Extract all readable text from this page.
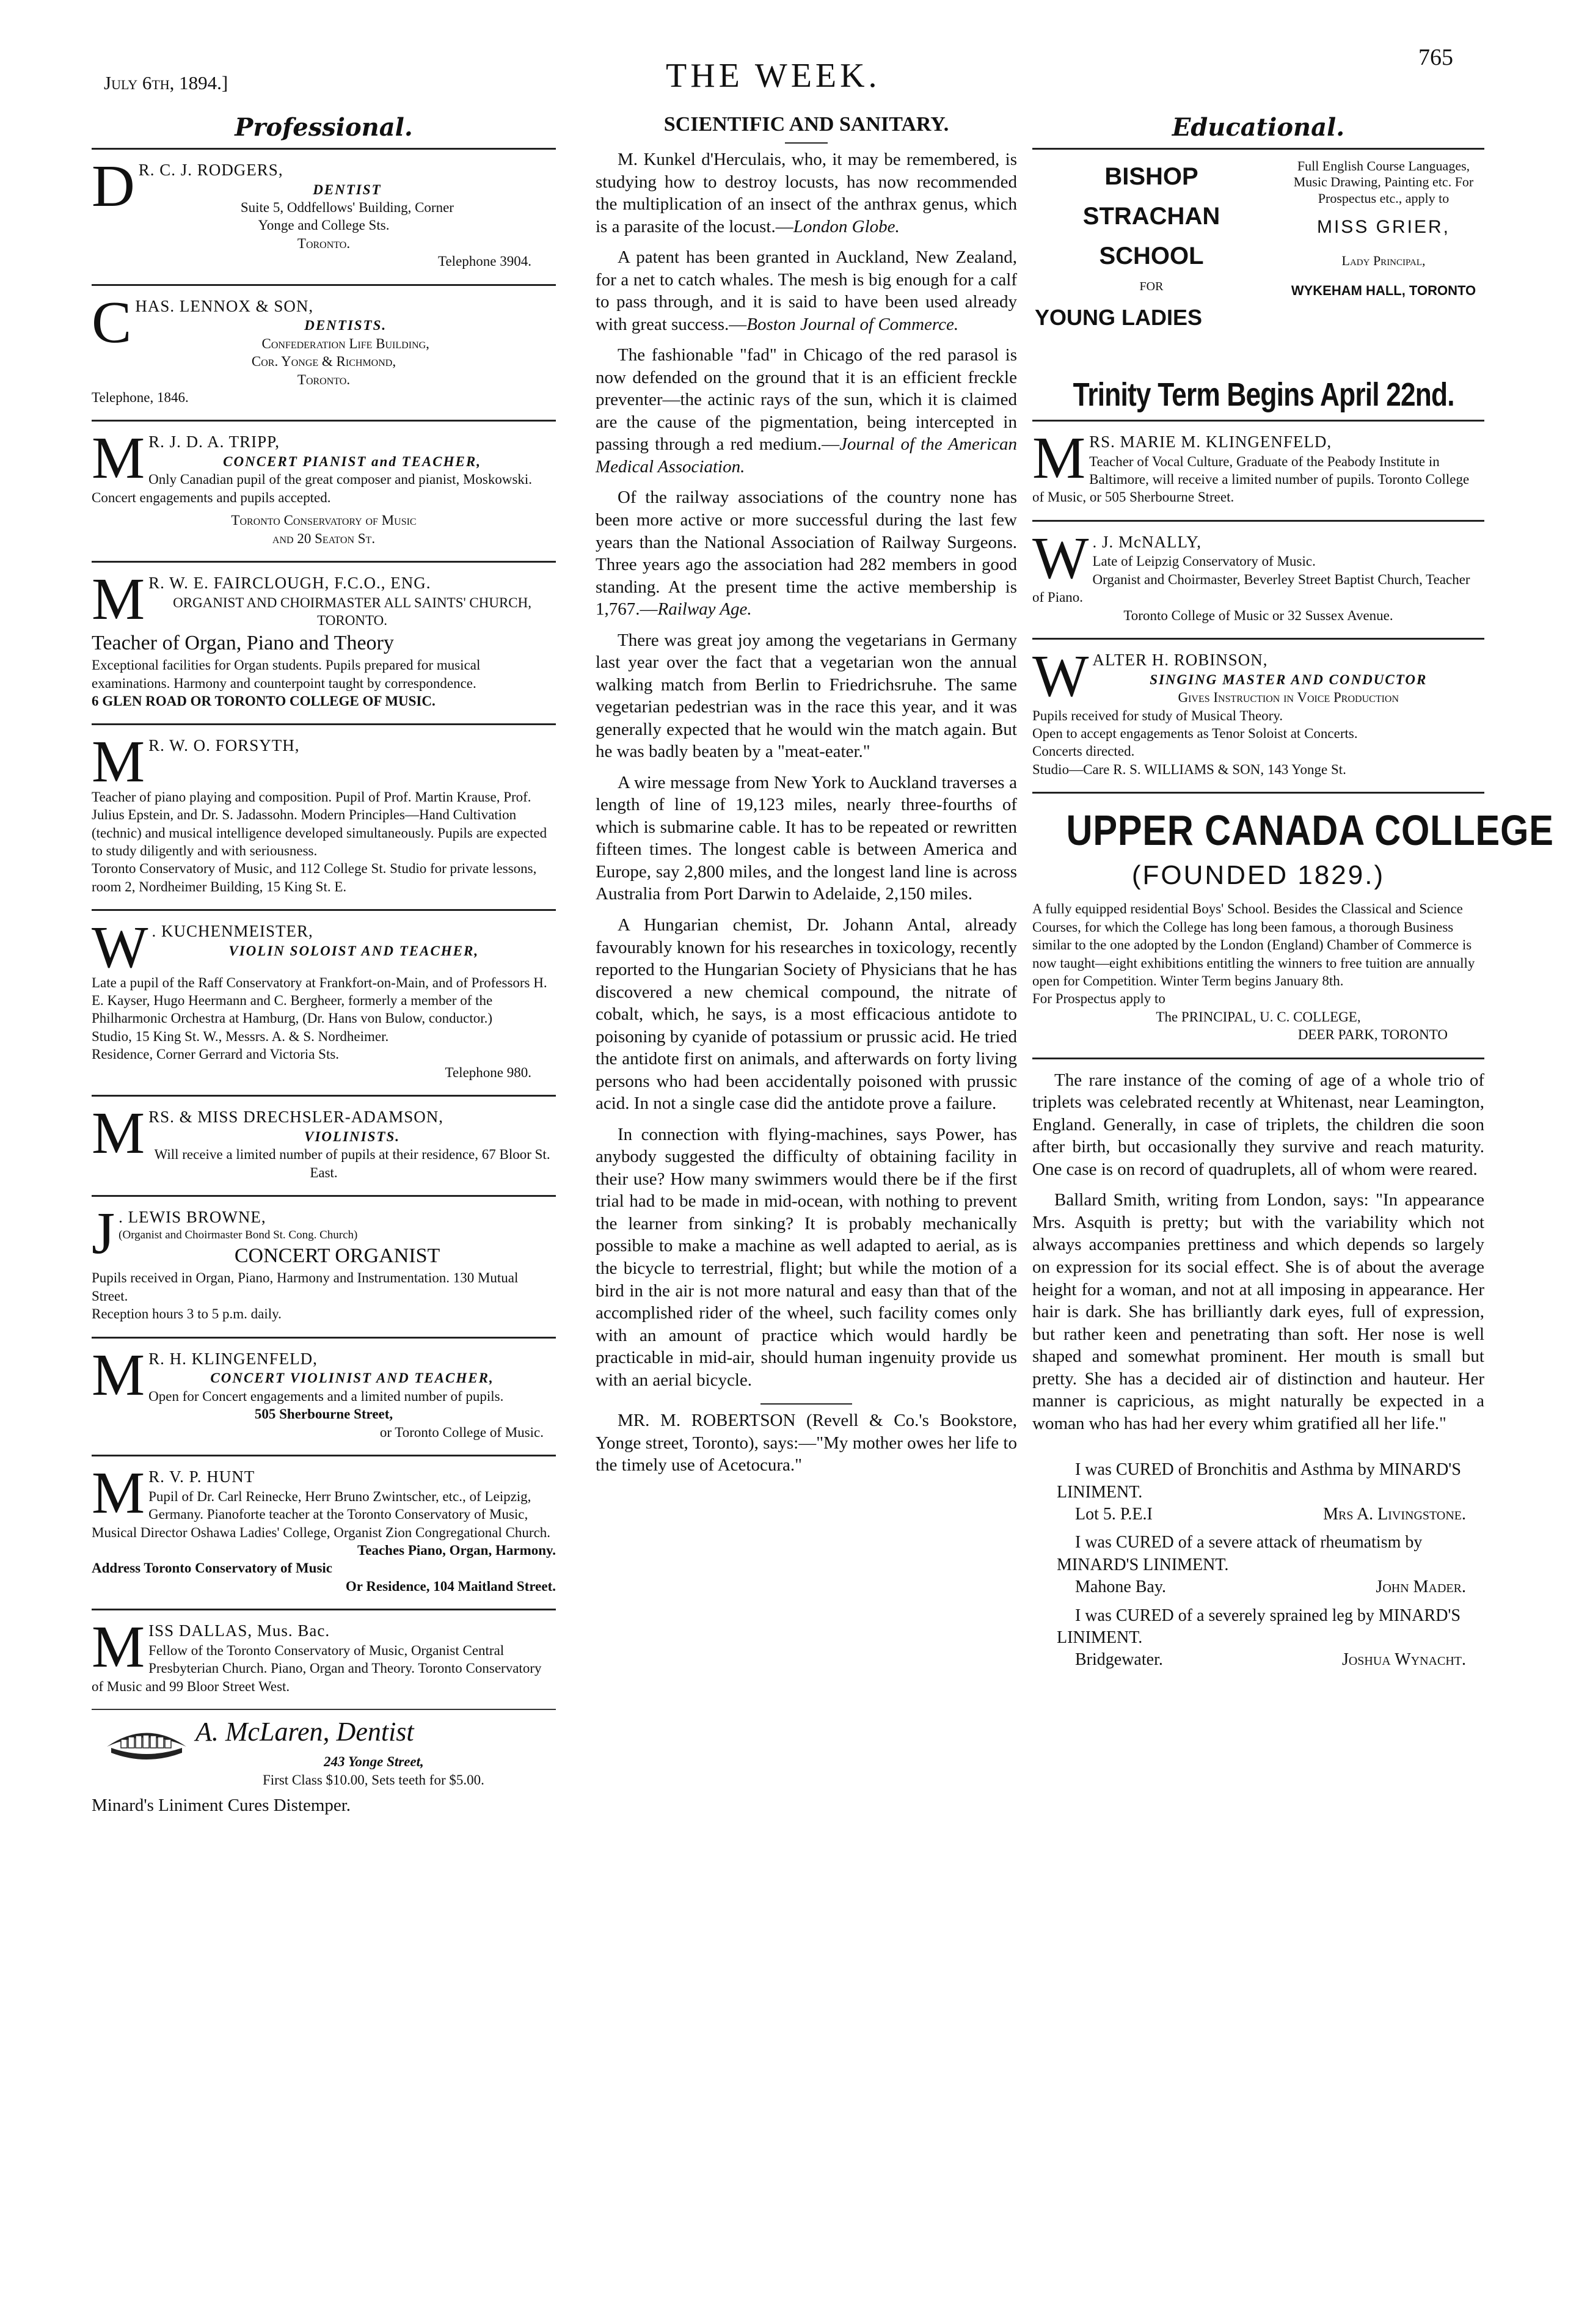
July 6th, 1894.]	THE WEEK.	765
Professional.
D R. C. J. RODGERS,
DENTIST
Suite 5, Oddfellows' Building, Corner
Yonge and College Sts.
Toronto.
Telephone 3904.
C HAS. LENNOX & SON,
DENTISTS.
Confederation Life Building,
Cor. Yonge & Richmond,
Toronto.
Telephone, 1846.
M R. J. D. A. TRIPP,
CONCERT PIANIST and TEACHER,
Only Canadian pupil of the great composer and pianist, Moskowski. Concert engagements and pupils accepted.
Toronto Conservatory of Music
and 20 Seaton St.
M R. W. E. FAIRCLOUGH, F.C.O., ENG.
ORGANIST AND CHOIRMASTER ALL SAINTS' CHURCH, TORONTO.
Teacher of Organ, Piano and Theory
Exceptional facilities for Organ students. Pupils prepared for musical examinations. Harmony and counterpoint taught by correspondence.
6 GLEN ROAD OR TORONTO COLLEGE OF MUSIC.
M R. W. O. FORSYTH,
Teacher of piano playing and composition. Pupil of Prof. Martin Krause, Prof. Julius Epstein, and Dr. S. Jadassohn. Modern Principles—Hand Cultivation (technic) and musical intelligence developed simultaneously. Pupils are expected to study diligently and with seriousness.
Toronto Conservatory of Music, and 112 College St. Studio for private lessons, room 2, Nordheimer Building, 15 King St. E.
W . KUCHENMEISTER,
VIOLIN SOLOIST AND TEACHER,
Late a pupil of the Raff Conservatory at Frankfort-on-Main, and of Professors H. E. Kayser, Hugo Heermann and C. Bergheer, formerly a member of the Philharmonic Orchestra at Hamburg, (Dr. Hans von Bulow, conductor.)
Studio, 15 King St. W., Messrs. A. & S. Nordheimer.
Residence, Corner Gerrard and Victoria Sts.
Telephone 980.
M RS. & MISS DRECHSLER-ADAMSON,
VIOLINISTS.
Will receive a limited number of pupils at their residence, 67 Bloor St. East.
J . LEWIS BROWNE,
(Organist and Choirmaster Bond St. Cong. Church)
CONCERT ORGANIST
Pupils received in Organ, Piano, Harmony and Instrumentation. 130 Mutual Street.
Reception hours 3 to 5 p.m. daily.
M R. H. KLINGENFELD,
CONCERT VIOLINIST AND TEACHER,
Open for Concert engagements and a limited number of pupils.
505 Sherbourne Street,
or Toronto College of Music.
M R. V. P. HUNT
Pupil of Dr. Carl Reinecke, Herr Bruno Zwintscher, etc., of Leipzig, Germany. Pianoforte teacher at the Toronto Conservatory of Music, Musical Director Oshawa Ladies' College, Organist Zion Congregational Church.
Teaches Piano, Organ, Harmony.
Address Toronto Conservatory of Music
Or Residence, 104 Maitland Street.
M ISS DALLAS, Mus. Bac.
Fellow of the Toronto Conservatory of Music, Organist Central Presbyterian Church. Piano, Organ and Theory. Toronto Conservatory of Music and 99 Bloor Street West.
A. McLaren, Dentist
243 Yonge Street,
First Class $10.00, Sets teeth for $5.00.
Minard's Liniment Cures Distemper.
SCIENTIFIC AND SANITARY.

M. Kunkel d'Herculais, who, it may be remembered, is studying how to destroy locusts, has now recommended the multiplication of an insect of the anthrax genus, which is a parasite of the locust.—London Globe.

A patent has been granted in Auckland, New Zealand, for a net to catch whales. The mesh is big enough for a calf to pass through, and it is said to have been used already with great success.—Boston Journal of Commerce.

The fashionable "fad" in Chicago of the red parasol is now defended on the ground that it is an efficient freckle preventer—the actinic rays of the sun, which it is claimed are the cause of the pigmentation, being intercepted in passing through a red medium.—Journal of the American Medical Association.

Of the railway associations of the country none has been more active or more successful during the last few years than the National Association of Railway Surgeons. Three years ago the association had 282 members in good standing. At the present time the active membership is 1,767.—Railway Age.

There was great joy among the vegetarians in Germany last year over the fact that a vegetarian won the annual walking match from Berlin to Friedrichsruhe. The same vegetarian pedestrian was in the race this year, and it was generally expected that he would win the match again. But he was badly beaten by a "meat-eater."

A wire message from New York to Auckland traverses a length of line of 19,123 miles, nearly three-fourths of which is submarine cable. It has to be repeated or rewritten fifteen times. The longest cable is between America and Europe, say 2,800 miles, and the longest land line is across Australia from Port Darwin to Adelaide, 2,150 miles.

A Hungarian chemist, Dr. Johann Antal, already favourably known for his researches in toxicology, recently reported to the Hungarian Society of Physicians that he has discovered a new chemical compound, the nitrate of cobalt, which, he says, is a most efficacious antidote to poisoning by cyanide of potassium or prussic acid. He tried the antidote first on animals, and afterwards on forty living persons who had been accidentally poisoned with prussic acid. In not a single case did the antidote prove a failure.

In connection with flying-machines, says Power, has anybody suggested the difficulty of obtaining facility in their use? How many swimmers would there be if the first trial had to be made in mid-ocean, with nothing to prevent the learner from sinking? It is probably mechanically possible to make a machine as well adapted to aerial, as is the bicycle to terrestrial, flight; but while the motion of a bird in the air is not more natural and easy than that of the accomplished rider of the wheel, such facility comes only with an amount of practice which would hardly be practicable in mid-air, should human ingenuity provide us with an aerial bicycle.

MR. M. ROBERTSON (Revell & Co.'s Bookstore, Yonge street, Toronto), says:—"My mother owes her life to the timely use of Acetocura."

Educational.
BISHOP
STRACHAN
SCHOOL
FOR
YOUNG LADIES
Full English Course Languages, Music Drawing, Painting etc. For Prospectus etc., apply to
MISS GRIER,
Lady Principal,
WYKEHAM HALL, TORONTO
Trinity Term Begins April 22nd.
M RS. MARIE M. KLINGENFELD,
Teacher of Vocal Culture, Graduate of the Peabody Institute in Baltimore, will receive a limited number of pupils. Toronto College of Music, or 505 Sherbourne Street.
W . J. McNALLY,
Late of Leipzig Conservatory of Music.
Organist and Choirmaster, Beverley Street Baptist Church, Teacher of Piano.
Toronto College of Music or 32 Sussex Avenue.
W ALTER H. ROBINSON,
SINGING MASTER AND CONDUCTOR
Gives Instruction in Voice Production
Pupils received for study of Musical Theory.
Open to accept engagements as Tenor Soloist at Concerts.
Concerts directed.
Studio—Care R. S. WILLIAMS & SON, 143 Yonge St.
UPPER CANADA COLLEGE
(FOUNDED 1829.)
A fully equipped residential Boys' School. Besides the Classical and Science Courses, for which the College has long been famous, a thorough Business similar to the one adopted by the London (England) Chamber of Commerce is now taught—eight exhibitions entitling the winners to free tuition are annually open for Competition. Winter Term begins January 8th.
For Prospectus apply to
The PRINCIPAL, U. C. COLLEGE,
DEER PARK, TORONTO

The rare instance of the coming of age of a whole trio of triplets was celebrated recently at Whitenast, near Leamington, England. Generally, in case of triplets, the children die soon after birth, but occasionally they survive and reach maturity. One case is on record of quadruplets, all of whom were reared.

Ballard Smith, writing from London, says: "In appearance Mrs. Asquith is pretty; but with the variability which not always accompanies prettiness and which depends so largely on expression for its social effect. She is of about the average height for a woman, and not at all imposing in appearance. Her hair is dark. She has brilliantly dark eyes, full of expression, but rather keen and penetrating than soft. Her nose is well shaped and somewhat prominent. Her mouth is small but pretty. She has a decided air of distinction and hauteur. Her manner is capricious, as might naturally be expected in a woman who has had her every whim gratified all her life."

I was CURED of Bronchitis and Asthma by MINARD'S LINIMENT.
Lot 5. P.E.I	Mrs A. Livingstone.
I was CURED of a severe attack of rheumatism by MINARD'S LINIMENT.
Mahone Bay.	John Mader.
I was CURED of a severely sprained leg by MINARD'S LINIMENT.
Bridgewater.	Joshua Wynacht.
